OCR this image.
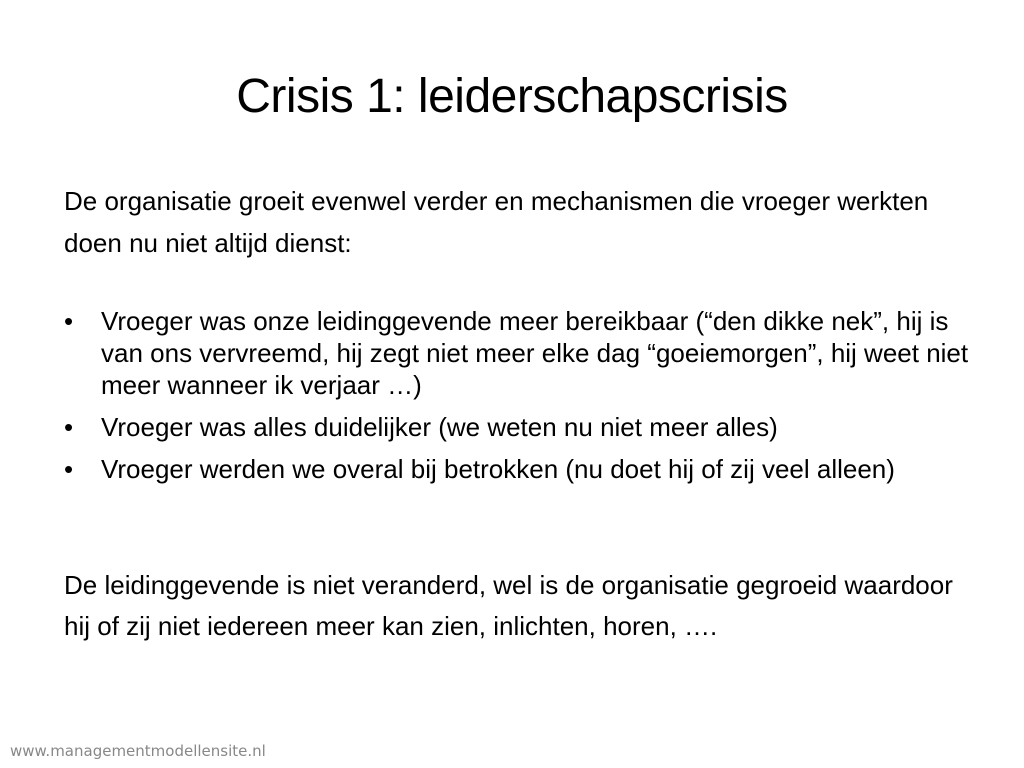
Crisis 1: leiderschapscrisis
De organisatie groeit evenwel verder en mechanismen die vroeger werkten doen nu niet altijd dienst:
•	Vroeger was onze leidinggevende meer bereikbaar (“den dikke nek”, hij is van ons vervreemd, hij zegt niet meer elke dag “goeiemorgen”, hij weet niet meer wanneer ik verjaar …)
•	Vroeger was alles duidelijker (we weten nu niet meer alles)
•	Vroeger werden we overal bij betrokken (nu doet hij of zij veel alleen)
De leidinggevende is niet veranderd, wel is de organisatie gegroeid waardoor hij of zij niet iedereen meer kan zien, inlichten, horen, ….
www.managementmodellensite.nl
